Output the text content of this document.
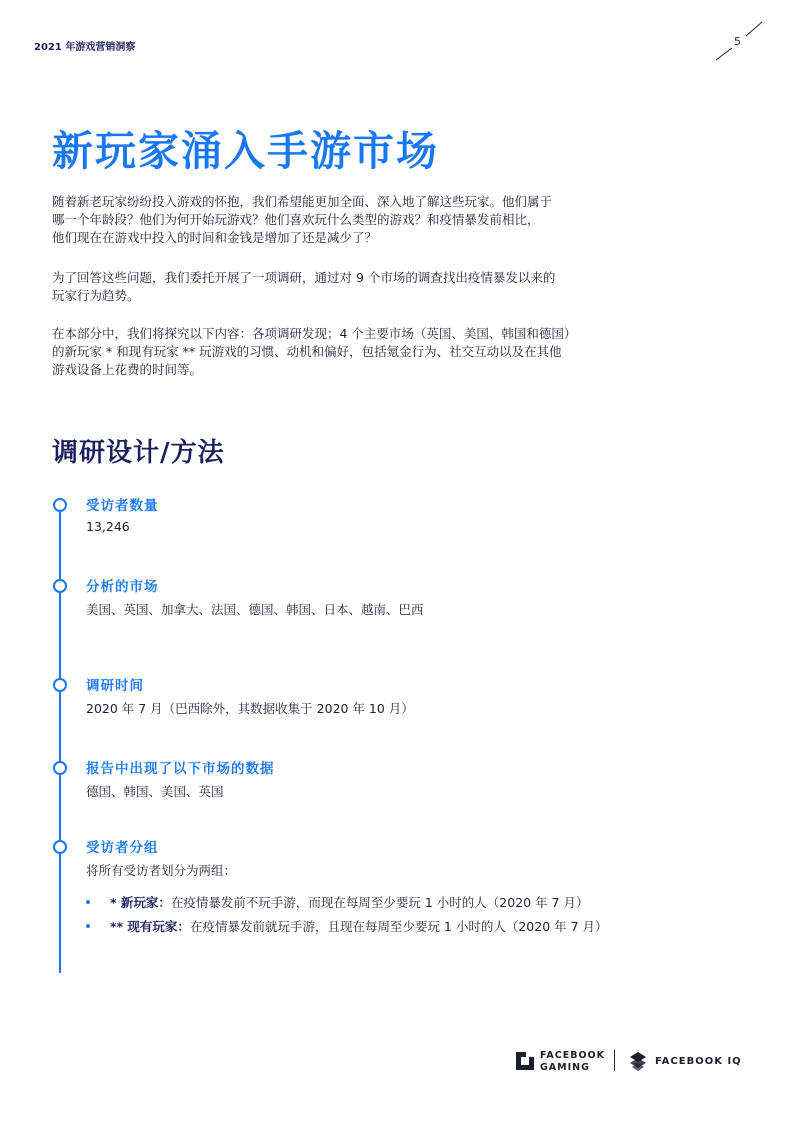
2021 年游戏营销洞察	5
新玩家涌入手游市场
随着新老玩家纷纷投入游戏的怀抱，我们希望能更加全面、深入地了解这些玩家。他们属于
哪一个年龄段？他们为何开始玩游戏？他们喜欢玩什么类型的游戏？和疫情暴发前相比，
他们现在在游戏中投入的时间和金钱是增加了还是减少了？
为了回答这些问题，我们委托开展了一项调研，通过对 9 个市场的调查找出疫情暴发以来的
玩家行为趋势。
在本部分中，我们将探究以下内容：各项调研发现；4 个主要市场（英国、美国、韩国和德国）
的新玩家 * 和现有玩家 ** 玩游戏的习惯、动机和偏好，包括氪金行为、社交互动以及在其他
游戏设备上花费的时间等。
调研设计/方法
受访者数量
13,246
分析的市场
美国、英国、加拿大、法国、德国、韩国、日本、越南、巴西
调研时间
2020 年 7 月（巴西除外，其数据收集于 2020 年 10 月）
报告中出现了以下市场的数据
德国、韩国、美国、英国
受访者分组
将所有受访者划分为两组：
* 新玩家：在疫情暴发前不玩手游，而现在每周至少要玩 1 小时的人（2020 年 7 月）
** 现有玩家：在疫情暴发前就玩手游，且现在每周至少要玩 1 小时的人（2020 年 7 月）
FACEBOOK
GAMING
FACEBOOK IQ
